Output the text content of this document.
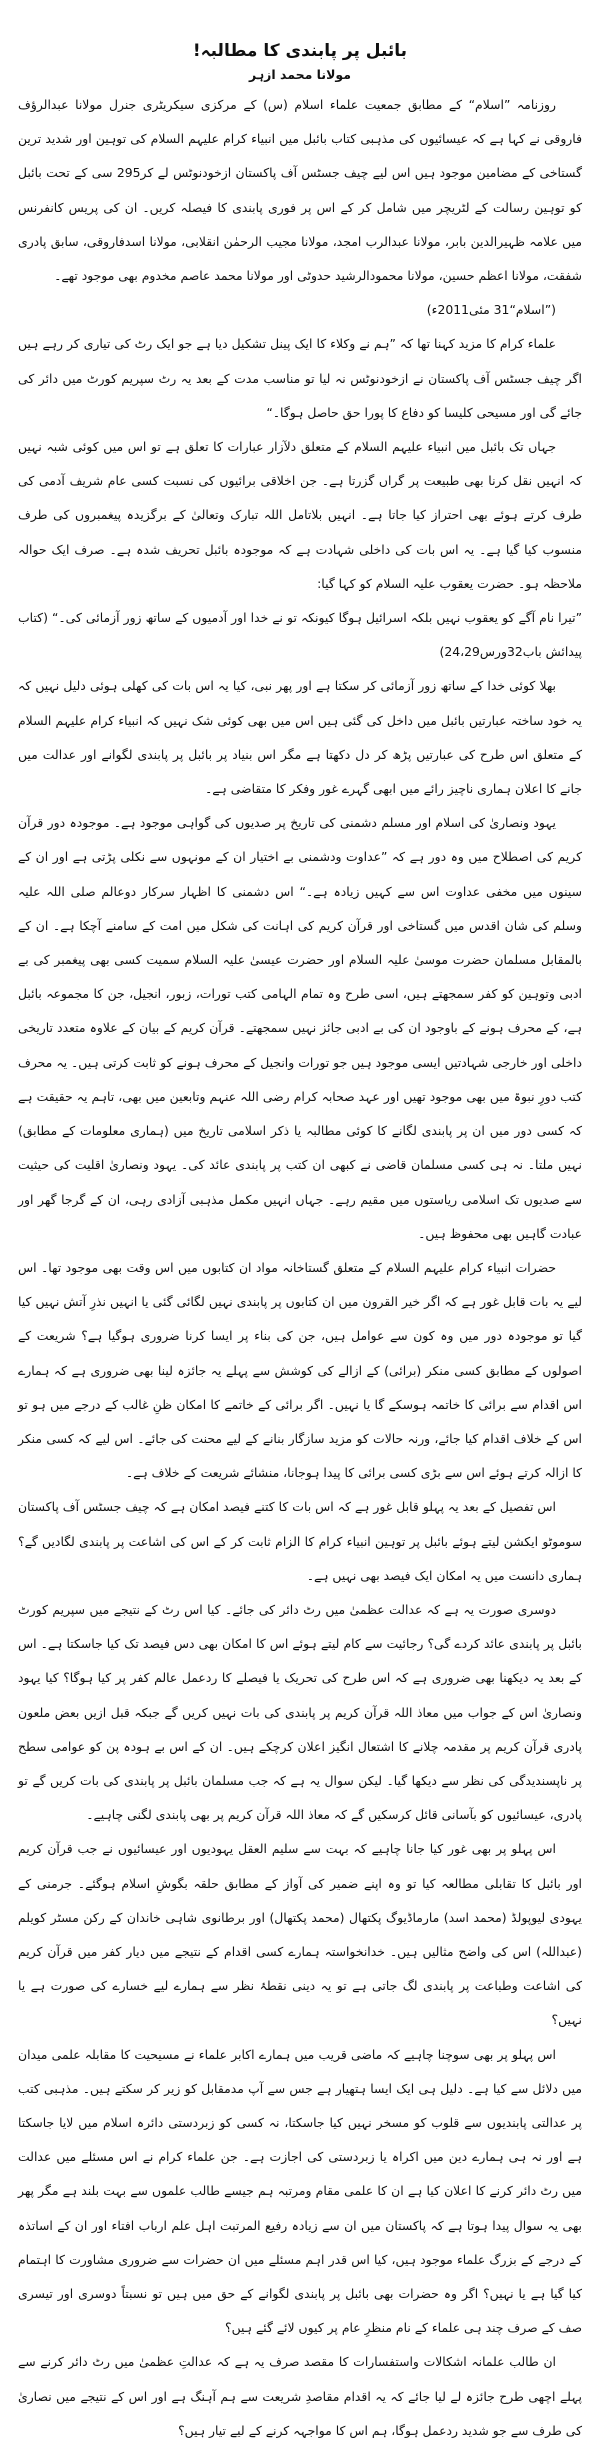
بائبل پر پابندی کا مطالبہ!
مولانا محمد ازہر

روزنامہ ”اسلام“ کے مطابق جمعیت علماء اسلام (س) کے مرکزی سیکریٹری جنرل مولانا عبدالرؤف فاروقی نے کہا ہے کہ عیسائیوں کی مذہبی کتاب بائبل میں انبیاء کرام علیہم السلام کی توہین اور شدید ترین گستاخی کے مضامین موجود ہیں اس لیے چیف جسٹس آف پاکستان ازخودنوٹس لے کر295 سی کے تحت بائبل کو توہین رسالت کے لٹریچر میں شامل کر کے اس پر فوری پابندی کا فیصلہ کریں۔ ان کی پریس کانفرنس میں علامہ ظہیرالدین بابر، مولانا عبدالرب امجد، مولانا مجیب الرحمٰن انقلابی، مولانا اسدفاروقی، سابق پادری شفقت، مولانا اعظم حسین، مولانا محمودالرشید حدوٹی اور مولانا محمد عاصم مخدوم بھی موجود تھے۔

(”اسلام“31 مئی2011ء)

علماء کرام کا مزید کہنا تھا کہ ”ہم نے وکلاء کا ایک پینل تشکیل دیا ہے جو ایک رٹ کی تیاری کر رہے ہیں اگر چیف جسٹس آف پاکستان نے ازخودنوٹس نہ لیا تو مناسب مدت کے بعد یہ رٹ سپریم کورٹ میں دائر کی جائے گی اور مسیحی کلیسا کو دفاع کا پورا حق حاصل ہوگا۔“

جہاں تک بائبل میں انبیاء علیہم السلام کے متعلق دلآزار عبارات کا تعلق ہے تو اس میں کوئی شبہ نہیں کہ انہیں نقل کرنا بھی طبیعت پر گراں گزرتا ہے۔ جن اخلاقی برائیوں کی نسبت کسی عام شریف آدمی کی طرف کرتے ہوئے بھی احتراز کیا جاتا ہے۔ انہیں بلاتامل اللہ تبارک وتعالیٰ کے برگزیدہ پیغمبروں کی طرف منسوب کیا گیا ہے۔ یہ اس بات کی داخلی شہادت ہے کہ موجودہ بائبل تحریف شدہ ہے۔ صرف ایک حوالہ ملاحظہ ہو۔ حضرت یعقوب علیہ السلام کو کہا گیا:

”تیرا نام آگے کو یعقوب نہیں بلکہ اسرائیل ہوگا کیونکہ تو نے خدا اور آدمیوں کے ساتھ زور آزمائی کی۔“ (کتاب پیدائش باب32ورس24،29)

بھلا کوئی خدا کے ساتھ زور آزمائی کر سکتا ہے اور پھر نبی، کیا یہ اس بات کی کھلی ہوئی دلیل نہیں کہ یہ خود ساختہ عبارتیں بائبل میں داخل کی گئی ہیں اس میں بھی کوئی شک نہیں کہ انبیاء کرام علیہم السلام کے متعلق اس طرح کی عبارتیں پڑھ کر دل دکھتا ہے مگر اس بنیاد پر بائبل پر پابندی لگوانے اور عدالت میں جانے کا اعلان ہماری ناچیز رائے میں ابھی گہرے غور وفکر کا متقاضی ہے۔

یہود ونصاریٰ کی اسلام اور مسلم دشمنی کی تاریخ پر صدیوں کی گواہی موجود ہے۔ موجودہ دور قرآن کریم کی اصطلاح میں وہ دور ہے کہ ”عداوت ودشمنی بے اختیار ان کے مونہوں سے نکلی پڑتی ہے اور ان کے سینوں میں مخفی عداوت اس سے کہیں زیادہ ہے۔“ اس دشمنی کا اظہار سرکار دوعالم صلی اللہ علیہ وسلم کی شان اقدس میں گستاخی اور قرآن کریم کی اہانت کی شکل میں امت کے سامنے آچکا ہے۔ ان کے بالمقابل مسلمان حضرت موسیٰ علیہ السلام اور حضرت عیسیٰ علیہ السلام سمیت کسی بھی پیغمبر کی بے ادبی وتوہین کو کفر سمجھتے ہیں، اسی طرح وہ تمام الہامی کتب تورات، زبور، انجیل، جن کا مجموعہ بائبل ہے، کے محرف ہونے کے باوجود ان کی بے ادبی جائز نہیں سمجھتے۔ قرآن کریم کے بیان کے علاوہ متعدد تاریخی داخلی اور خارجی شہادتیں ایسی موجود ہیں جو تورات وانجیل کے محرف ہونے کو ثابت کرتی ہیں۔ یہ محرف کتب دورِ نبوۃ میں بھی موجود تھیں اور عہد صحابہ کرام رضی اللہ عنہم وتابعین میں بھی، تاہم یہ حقیقت ہے کہ کسی دور میں ان پر پابندی لگانے کا کوئی مطالبہ یا ذکر اسلامی تاریخ میں (ہماری معلومات کے مطابق) نہیں ملتا۔ نہ ہی کسی مسلمان قاضی نے کبھی ان کتب پر پابندی عائد کی۔ یہود ونصاریٰ اقلیت کی حیثیت سے صدیوں تک اسلامی ریاستوں میں مقیم رہے۔ جہاں انہیں مکمل مذہبی آزادی رہی، ان کے گرجا گھر اور عبادت گاہیں بھی محفوظ ہیں۔

حضرات انبیاء کرام علیہم السلام کے متعلق گستاخانہ مواد ان کتابوں میں اس وقت بھی موجود تھا۔ اس لیے یہ بات قابل غور ہے کہ اگر خیر القرون میں ان کتابوں پر پابندی نہیں لگائی گئی یا انہیں نذرِ آتش نہیں کیا گیا تو موجودہ دور میں وہ کون سے عوامل ہیں، جن کی بناء پر ایسا کرنا ضروری ہوگیا ہے؟ شریعت کے اصولوں کے مطابق کسی منکر (برائی) کے ازالے کی کوشش سے پہلے یہ جائزہ لینا بھی ضروری ہے کہ ہمارے اس اقدام سے برائی کا خاتمہ ہوسکے گا یا نہیں۔ اگر برائی کے خاتمے کا امکان ظنِ غالب کے درجے میں ہو تو اس کے خلاف اقدام کیا جائے، ورنہ حالات کو مزید سازگار بنانے کے لیے محنت کی جائے۔ اس لیے کہ کسی منکر کا ازالہ کرتے ہوئے اس سے بڑی کسی برائی کا پیدا ہوجانا، منشائے شریعت کے خلاف ہے۔

اس تفصیل کے بعد یہ پہلو قابل غور ہے کہ اس بات کا کتنے فیصد امکان ہے کہ چیف جسٹس آف پاکستان سوموٹو ایکشن لیتے ہوئے بائبل پر توہین انبیاء کرام کا الزام ثابت کر کے اس کی اشاعت پر پابندی لگادیں گے؟ ہماری دانست میں یہ امکان ایک فیصد بھی نہیں ہے۔

دوسری صورت یہ ہے کہ عدالت عظمیٰ میں رٹ دائر کی جائے۔ کیا اس رٹ کے نتیجے میں سپریم کورٹ بائبل پر پابندی عائد کردے گی؟ رجائیت سے کام لیتے ہوئے اس کا امکان بھی دس فیصد تک کیا جاسکتا ہے۔ اس کے بعد یہ دیکھنا بھی ضروری ہے کہ اس طرح کی تحریک یا فیصلے کا ردعمل عالم کفر پر کیا ہوگا؟ کیا یہود ونصاریٰ اس کے جواب میں معاذ اللہ قرآن کریم پر پابندی کی بات نہیں کریں گے جبکہ قبل ازیں بعض ملعون پادری قرآن کریم پر مقدمہ چلانے کا اشتعال انگیز اعلان کرچکے ہیں۔ ان کے اس بے ہودہ پن کو عوامی سطح پر ناپسندیدگی کی نظر سے دیکھا گیا۔ لیکن سوال یہ ہے کہ جب مسلمان بائبل پر پابندی کی بات کریں گے تو پادری، عیسائیوں کو بآسانی قائل کرسکیں گے کہ معاذ اللہ قرآن کریم پر بھی پابندی لگنی چاہیے۔

اس پہلو پر بھی غور کیا جانا چاہیے کہ بہت سے سلیم العقل یہودیوں اور عیسائیوں نے جب قرآن کریم اور بائبل کا تقابلی مطالعہ کیا تو وہ اپنے ضمیر کی آواز کے مطابق حلقہ بگوشِ اسلام ہوگئے۔ جرمنی کے یہودی لیوپولڈ (محمد اسد) مارماڈیوگ پکتھال (محمد پکتھال) اور برطانوی شاہی خاندان کے رکن مسٹر کویلم (عبداللہ) اس کی واضح مثالیں ہیں۔ خدانخواستہ ہمارے کسی اقدام کے نتیجے میں دیار کفر میں قرآن کریم کی اشاعت وطباعت پر پابندی لگ جاتی ہے تو یہ دینی نقطۂ نظر سے ہمارے لیے خسارے کی صورت ہے یا نہیں؟

اس پہلو پر بھی سوچنا چاہیے کہ ماضی قریب میں ہمارے اکابر علماء نے مسیحیت کا مقابلہ علمی میدان میں دلائل سے کیا ہے۔ دلیل ہی ایک ایسا ہتھیار ہے جس سے آپ مدمقابل کو زیر کر سکتے ہیں۔ مذہبی کتب پر عدالتی پابندیوں سے قلوب کو مسخر نہیں کیا جاسکتا، نہ کسی کو زبردستی دائرہ اسلام میں لایا جاسکتا ہے اور نہ ہی ہمارے دین میں اکراہ یا زبردستی کی اجازت ہے۔ جن علماء کرام نے اس مسئلے میں عدالت میں رٹ دائر کرنے کا اعلان کیا ہے ان کا علمی مقام ومرتبہ ہم جیسے طالب علموں سے بہت بلند ہے مگر پھر بھی یہ سوال پیدا ہوتا ہے کہ پاکستان میں ان سے زیادہ رفیع المرتبت اہل علم ارباب افتاء اور ان کے اساتذہ کے درجے کے بزرگ علماء موجود ہیں، کیا اس قدر اہم مسئلے میں ان حضرات سے ضروری مشاورت کا اہتمام کیا گیا ہے یا نہیں؟ اگر وہ حضرات بھی بائبل پر پابندی لگوانے کے حق میں ہیں تو نسبتاً دوسری اور تیسری صف کے صرف چند ہی علماء کے نام منظرِ عام پر کیوں لائے گئے ہیں؟

ان طالب علمانہ اشکالات واستفسارات کا مقصد صرف یہ ہے کہ عدالتِ عظمیٰ میں رٹ دائر کرنے سے پہلے اچھی طرح جائزہ لے لیا جائے کہ یہ اقدام مقاصدِ شریعت سے ہم آہنگ ہے اور اس کے نتیجے میں نصاریٰ کی طرف سے جو شدید ردعمل ہوگا، ہم اس کا مواجہہ کرنے کے لیے تیار ہیں؟
